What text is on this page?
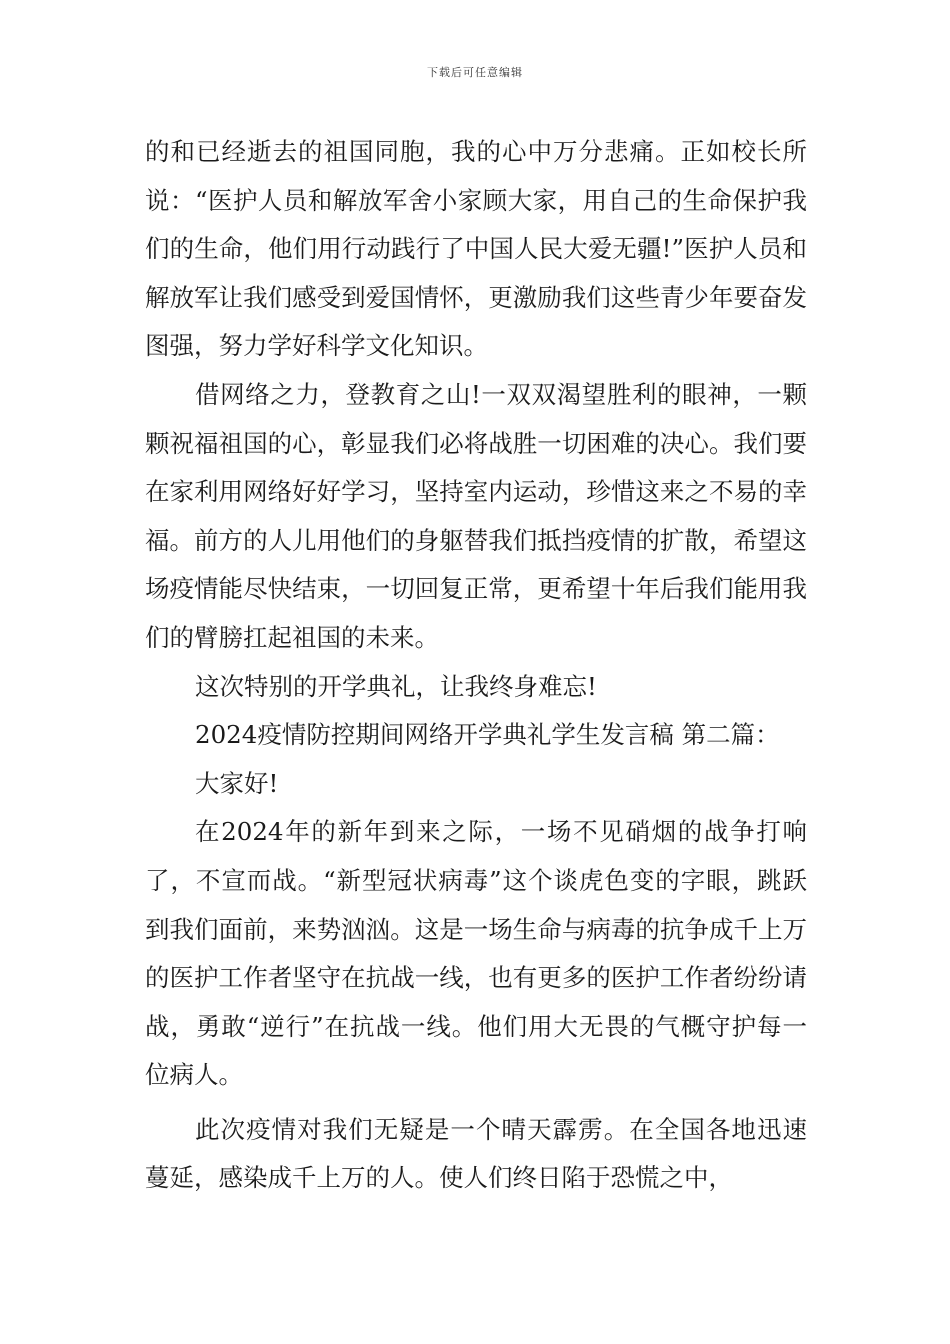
下载后可任意编辑

的和已经逝去的祖国同胞，我的心中万分悲痛。正如校长所说：“医护人员和解放军舍小家顾大家，用自己的生命保护我们的生命，他们用行动践行了中国人民大爱无疆!”医护人员和解放军让我们感受到爱国情怀，更激励我们这些青少年要奋发图强，努力学好科学文化知识。

借网络之力，登教育之山!一双双渴望胜利的眼神，一颗颗祝福祖国的心，彰显我们必将战胜一切困难的决心。我们要在家利用网络好好学习，坚持室内运动，珍惜这来之不易的幸福。前方的人儿用他们的身躯替我们抵挡疫情的扩散，希望这场疫情能尽快结束，一切回复正常，更希望十年后我们能用我们的臂膀扛起祖国的未来。

这次特别的开学典礼，让我终身难忘!

2024疫情防控期间网络开学典礼学生发言稿 第二篇：

大家好!

在2024年的新年到来之际，一场不见硝烟的战争打响了，不宣而战。“新型冠状病毒”这个谈虎色变的字眼，跳跃到我们面前，来势汹汹。这是一场生命与病毒的抗争成千上万的医护工作者坚守在抗战一线，也有更多的医护工作者纷纷请战，勇敢“逆行”在抗战一线。他们用大无畏的气概守护每一位病人。

此次疫情对我们无疑是一个晴天霹雳。在全国各地迅速蔓延，感染成千上万的人。使人们终日陷于恐慌之中，
